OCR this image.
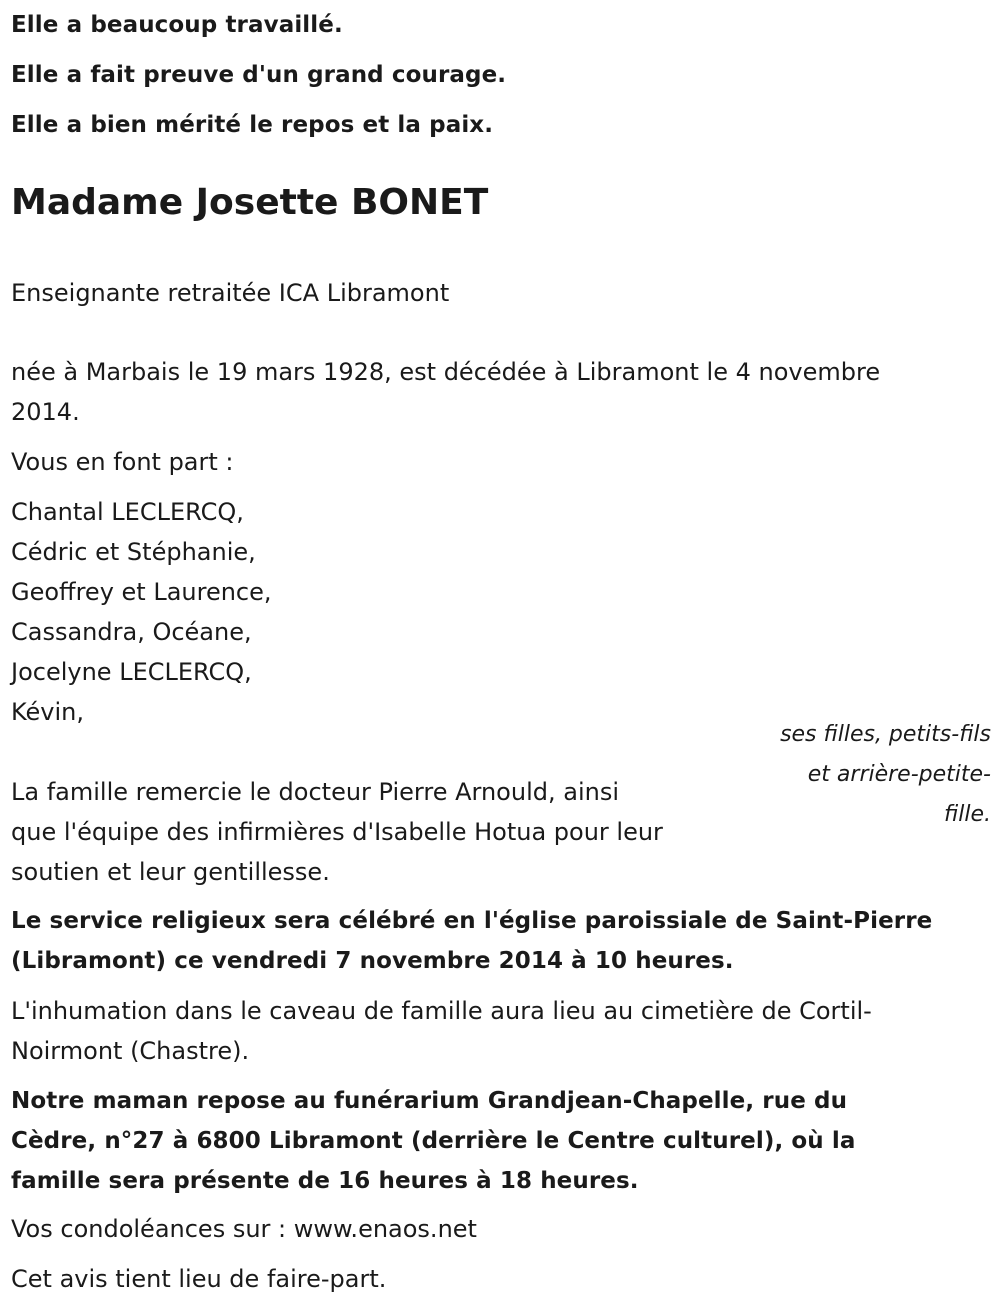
Elle a beaucoup travaillé.

Elle a fait preuve d'un grand courage.

Elle a bien mérité le repos et la paix.

Madame Josette BONET

Enseignante retraitée ICA Libramont

née à Marbais le 19 mars 1928, est décédée à Libramont le 4 novembre

2014.

Vous en font part :

Chantal LECLERCQ,

Cédric et Stéphanie,

Geoffrey et Laurence,

Cassandra, Océane,

Jocelyne LECLERCQ,

Kévin,

ses filles, petits-fils

et arrière-petite-

fille.

La famille remercie le docteur Pierre Arnould, ainsi

que l'équipe des infirmières d'Isabelle Hotua pour leur

soutien et leur gentillesse.

Le service religieux sera célébré en l'église paroissiale de Saint-Pierre

(Libramont) ce vendredi 7 novembre 2014 à 10 heures.

L'inhumation dans le caveau de famille aura lieu au cimetière de Cortil-

Noirmont (Chastre).

Notre maman repose au funérarium Grandjean-Chapelle, rue du

Cèdre, n°27 à 6800 Libramont (derrière le Centre culturel), où la

famille sera présente de 16 heures à 18 heures.

Vos condoléances sur : www.enaos.net

Cet avis tient lieu de faire-part.
